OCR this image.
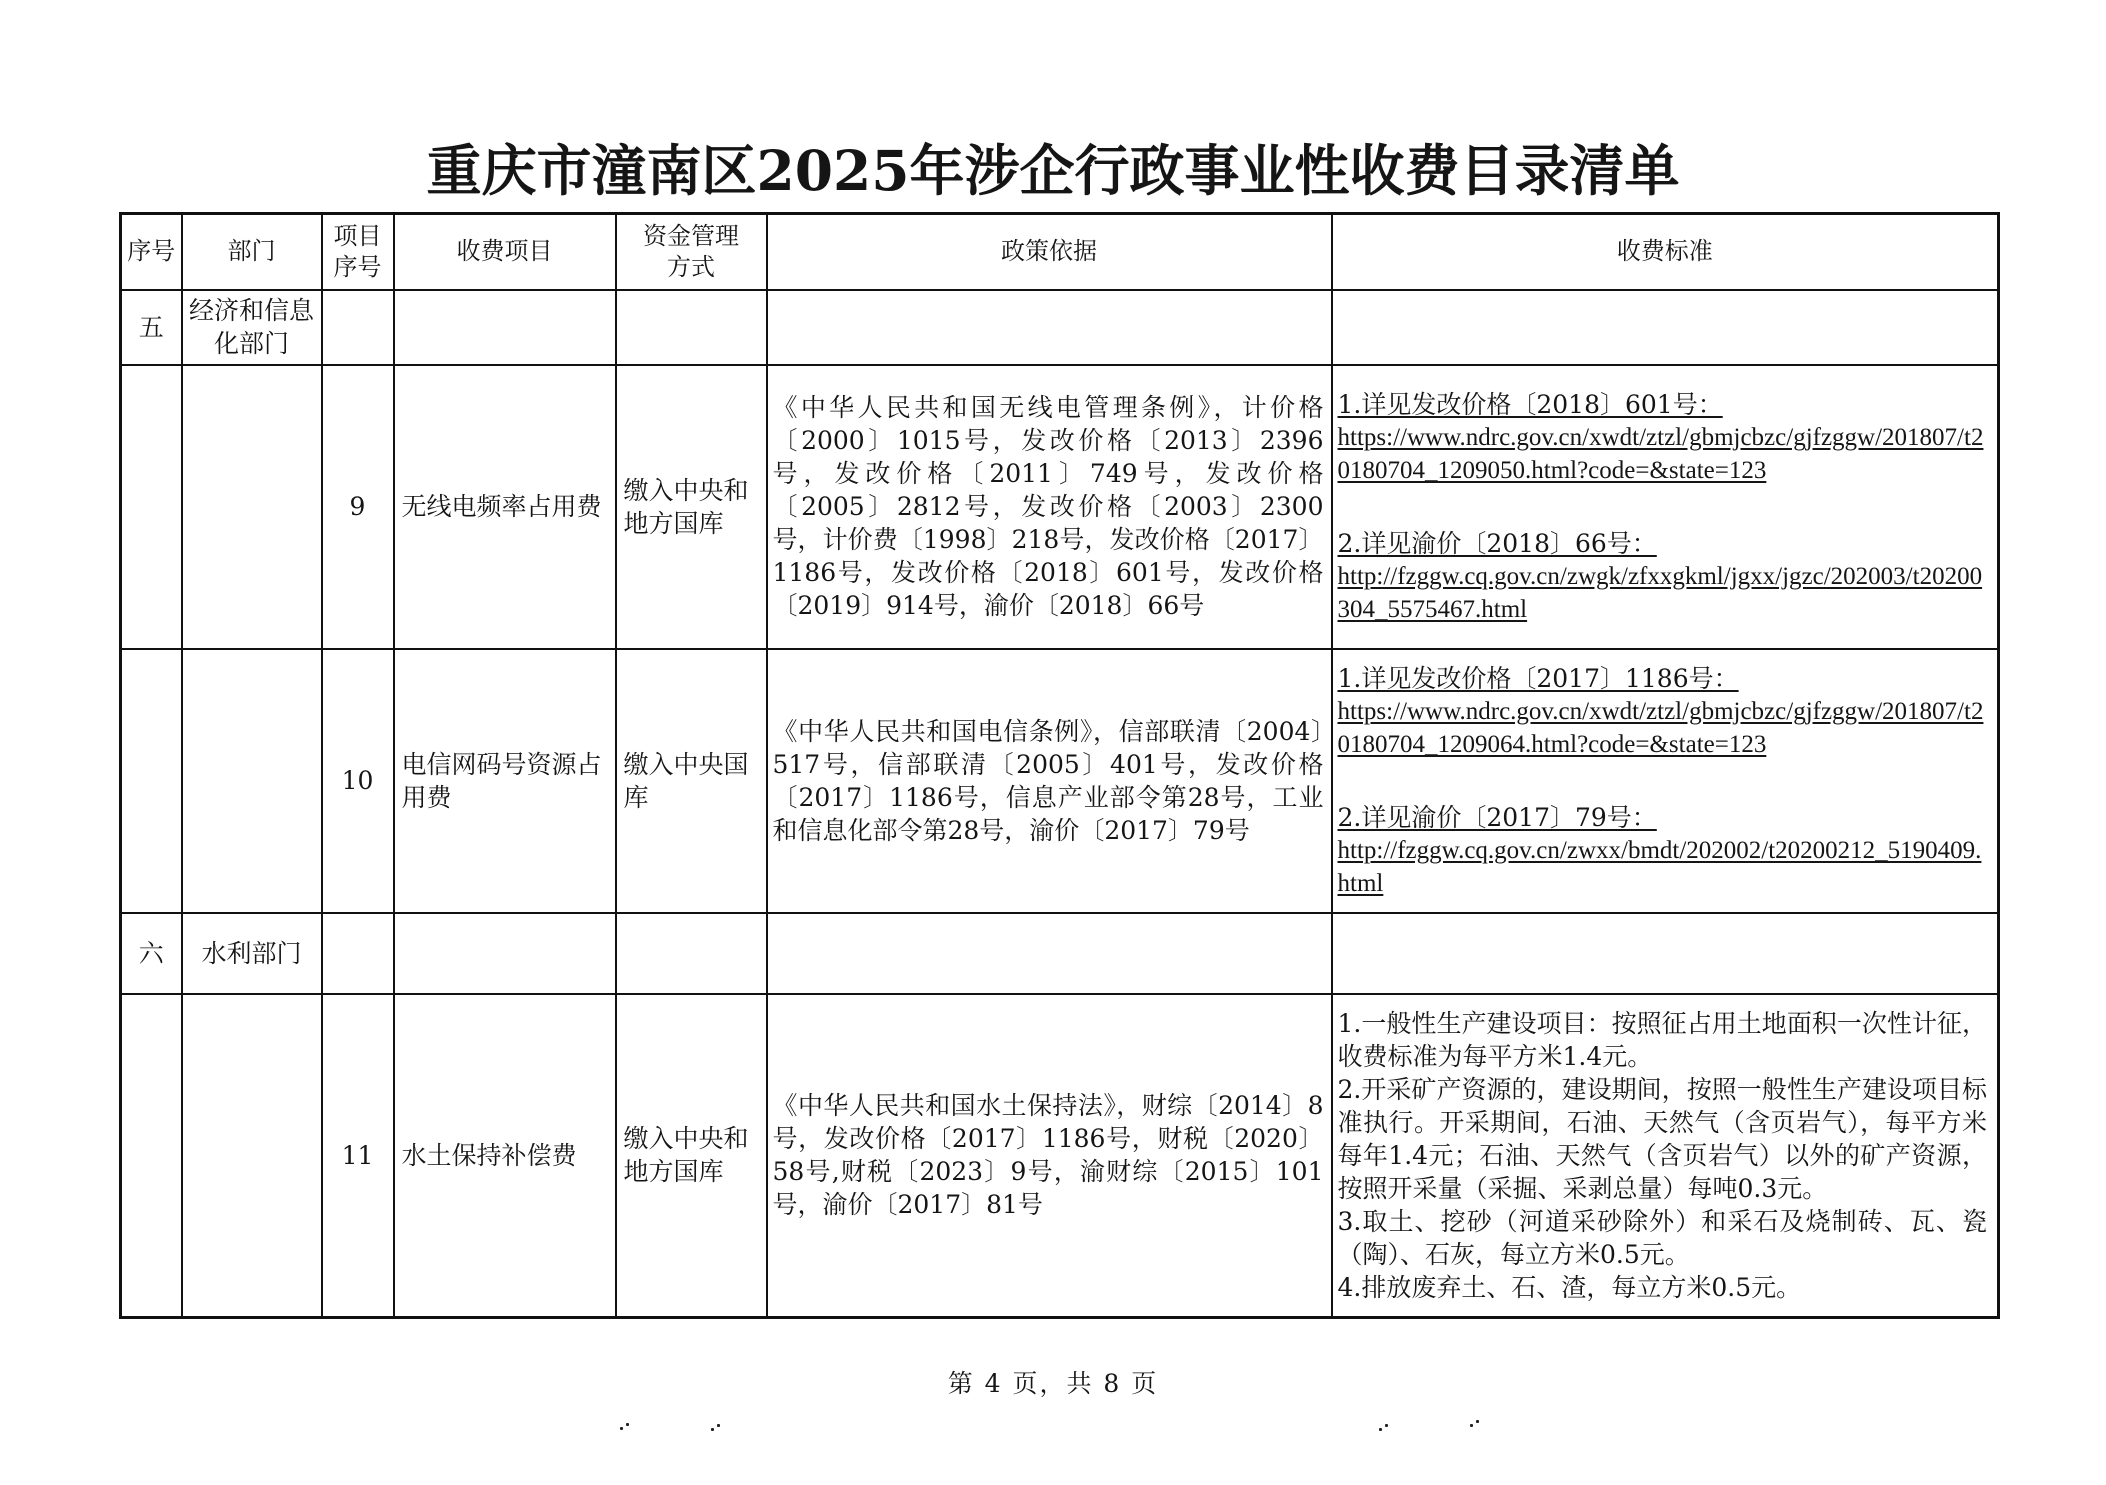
重庆市潼南区2025年涉企行政事业性收费目录清单
序号	部门	项目序号	收费项目	资金管理方式	政策依据	收费标准
五	经济和信息化部门					
		9	无线电频率占用费	缴入中央和地方国库	《中华人民共和国无线电管理条例》，计价格〔2000〕1015号，发改价格〔2013〕2396号，发改价格〔2011〕749号，发改价格〔2005〕2812号，发改价格〔2003〕2300号，计价费〔1998〕218号，发改价格〔2017〕1186号，发改价格〔2018〕601号，发改价格〔2019〕914号，渝价〔2018〕66号	1.详见发改价格〔2018〕601号：
https://www.ndrc.gov.cn/xwdt/ztzl/gbmjcbzc/gjfzggw/201807/t20180704_1209050.html?code=&state=123
2.详见渝价〔2018〕66号：
http://fzggw.cq.gov.cn/zwgk/zfxxgkml/jgxx/jgzc/202003/t20200304_5575467.html

		10	电信网码号资源占用费	缴入中央国库	《中华人民共和国电信条例》，信部联清〔2004〕517号，信部联清〔2005〕401号，发改价格〔2017〕1186号，信息产业部令第28号，工业和信息化部令第28号，渝价〔2017〕79号	1.详见发改价格〔2017〕1186号：
https://www.ndrc.gov.cn/xwdt/ztzl/gbmjcbzc/gjfzggw/201807/t20180704_1209064.html?code=&state=123
2.详见渝价〔2017〕79号：
http://fzggw.cq.gov.cn/zwxx/bmdt/202002/t20200212_5190409.html

六	水利部门					
		11	水土保持补偿费	缴入中央和地方国库	《中华人民共和国水土保持法》，财综〔2014〕8号，发改价格〔2017〕1186号，财税〔2020〕58号,财税〔2023〕9号，渝财综〔2015〕101号，渝价〔2017〕81号	1.一般性生产建设项目：按照征占用土地面积一次性计征，收费标准为每平方米1.4元。
2.开采矿产资源的，建设期间，按照一般性生产建设项目标准执行。开采期间，石油、天然气（含页岩气），每平方米每年1.4元；石油、天然气（含页岩气）以外的矿产资源，按照开采量（采掘、采剥总量）每吨0.3元。
3.取土、挖砂（河道采砂除外）和采石及烧制砖、瓦、瓷（陶）、石灰，每立方米0.5元。
4.排放废弃土、石、渣，每立方米0.5元。
第 4 页，共 8 页
